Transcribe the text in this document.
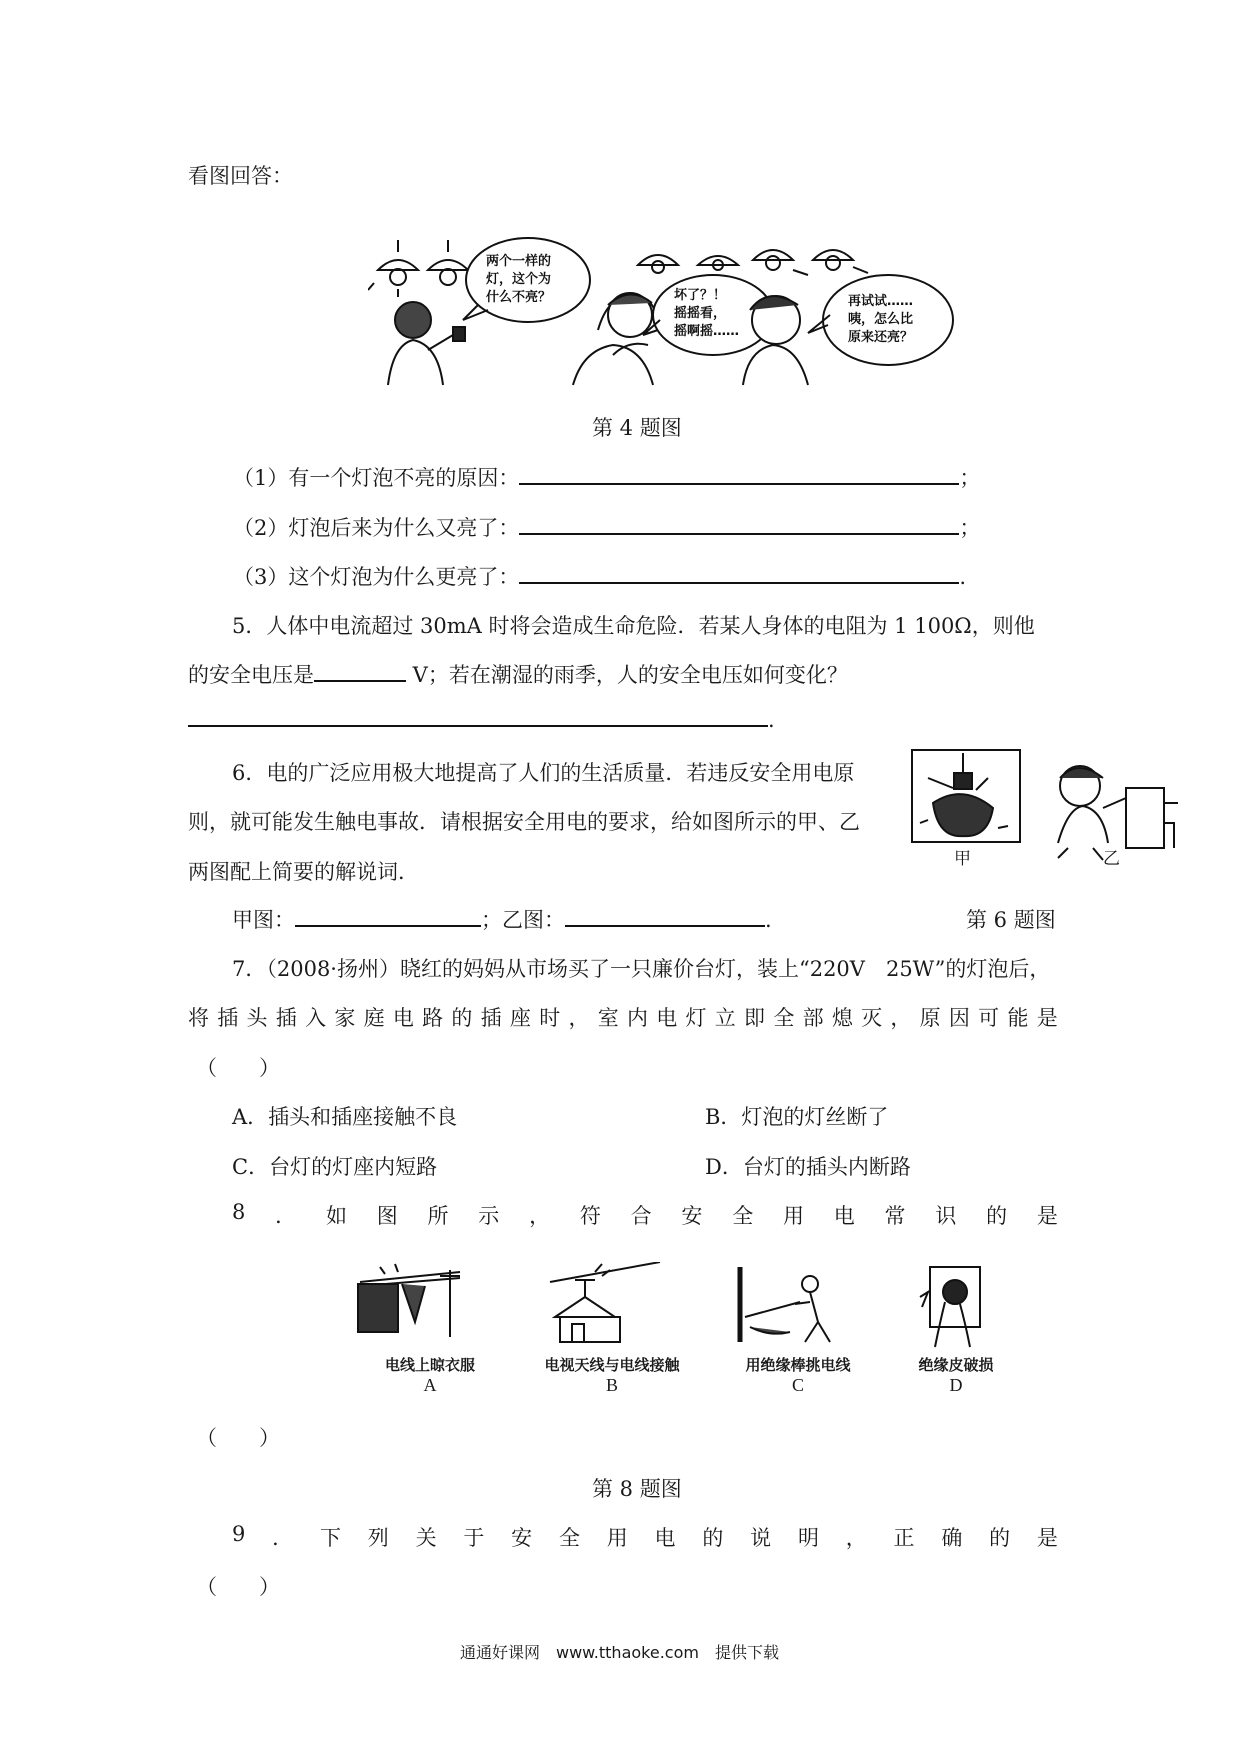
看图回答：
两个一样的
灯，这个为
什么不亮？	坏了？！
摇摇看，
摇啊摇……
再试试……
咦，怎么比
原来还亮？
第 4 题图
（1）有一个灯泡不亮的原因：	；
（2）灯泡后来为什么又亮了：	；
（3）这个灯泡为什么更亮了：	.
5．人体中电流超过 30mA 时将会造成生命危险．若某人身体的电阻为 1 100Ω，则他
的安全电压是	V；若在潮湿的雨季，人的安全电压如何变化？
.
6．电的广泛应用极大地提高了人们的生活质量．若违反安全用电原
则，就可能发生触电事故．请根据安全用电的要求，给如图所示的甲、乙
两图配上简要的解说词．
甲	乙
甲图：	；乙图：	.	第 6 题图
7．（2008·扬州）晓红的妈妈从市场买了一只廉价台灯，装上“220V　25W”的灯泡后，
将 插 头 插 入 家 庭 电 路 的 插 座 时 ， 室 内 电 灯 立 即 全 部 熄 灭 ， 原 因 可 能 是
（　　）
A．插头和插座接触不良	B．灯泡的灯丝断了
C．台灯的灯座内短路	D．台灯的插头内断路
8 ． 如 图 所 示 ， 符 合 安 全 用 电 常 识 的 是
电线上晾衣服
A
电视天线与电线接触
B
用绝缘棒挑电线
C
绝缘皮破损
D
（　　）
第 8 题图
9 ． 下 列 关 于 安 全 用 电 的 说 明 ， 正 确 的 是
（　　）
通通好课网　www.tthaoke.com　提供下载
